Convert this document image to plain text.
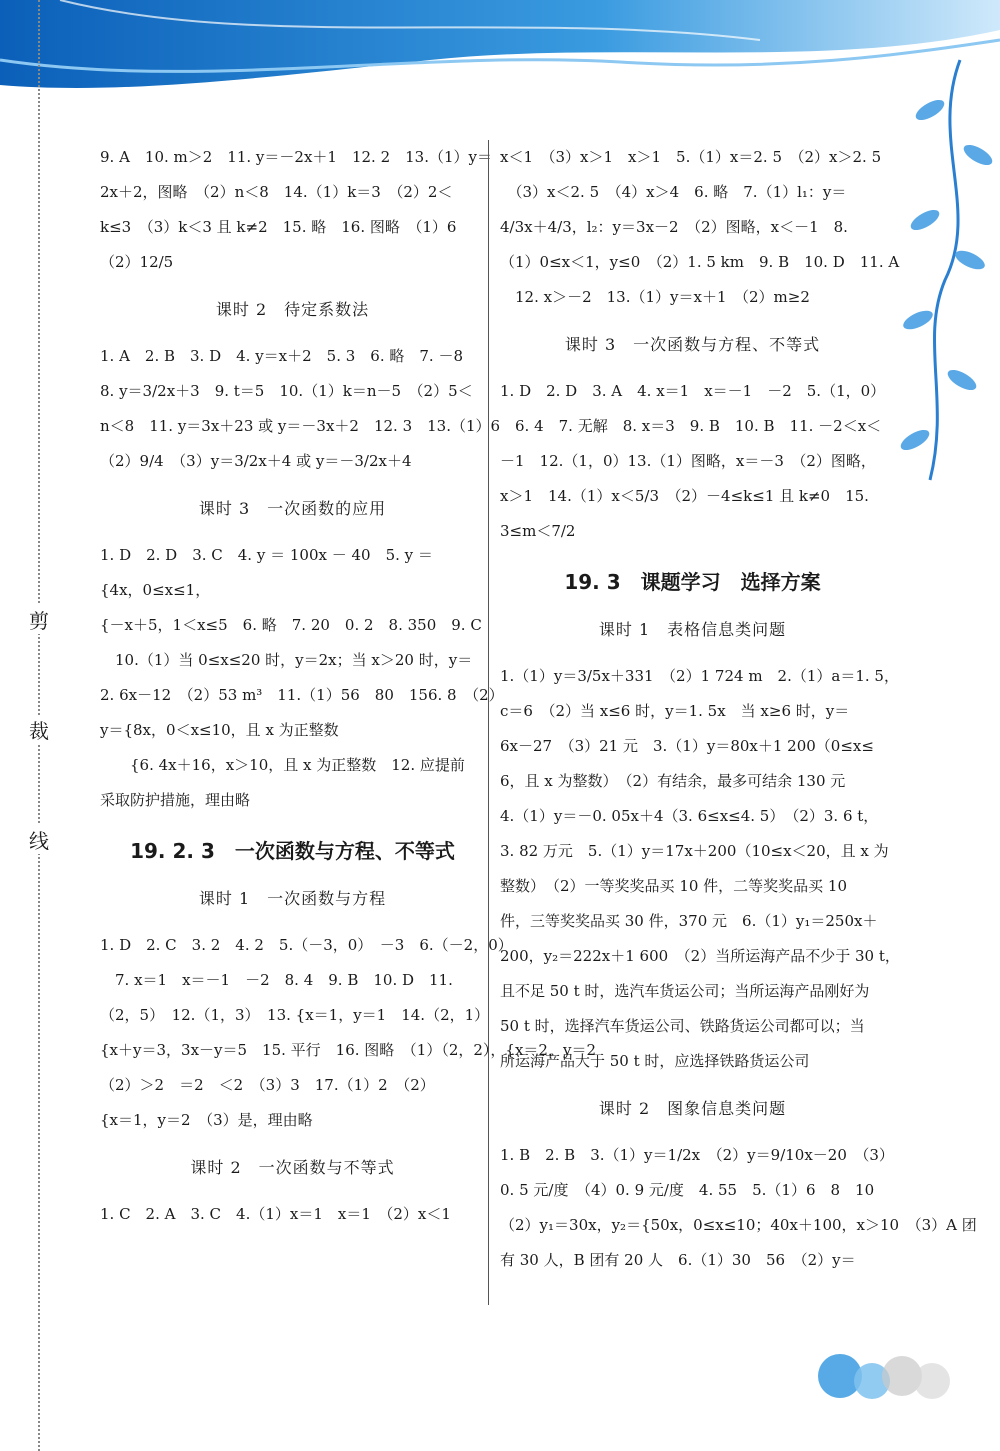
剪
裁
线
9. A　10. m＞2　11. y＝－2x＋1　12. 2　13.（1）y＝
2x＋2，图略　（2）n＜8　14.（1）k＝3　（2）2＜
k≤3　（3）k＜3 且 k≠2　15. 略　16. 图略　（1）6
（2）12/5
课时 2　待定系数法
1. A　2. B　3. D　4. y＝x＋2　5. 3　6. 略　7. －8
8. y＝3/2x＋3　9. t＝5　10.（1）k＝n－5　（2）5＜
n＜8　11. y＝3x＋23 或 y＝－3x＋2　12. 3　13.（1）6
（2）9/4　（3）y＝3/2x＋4 或 y＝－3/2x＋4
课时 3　一次函数的应用
1. D　2. D　3. C　4. y ＝ 100x － 40　5. y ＝
{4x，0≤x≤1，　　　　　　　　　
{－x＋5，1＜x≤5　6. 略　7. 20　0. 2　8. 350　9. C
　10.（1）当 0≤x≤20 时，y＝2x；当 x＞20 时，y＝
2. 6x－12　（2）53 m³　11.（1）56　80　156. 8　（2）
y＝{8x，0＜x≤10，且 x 为正整数
　　{6. 4x＋16，x＞10，且 x 为正整数　12. 应提前
采取防护措施，理由略
19. 2. 3　一次函数与方程、不等式
课时 1　一次函数与方程
1. D　2. C　3. 2　4. 2　5.（－3，0）　－3　6.（－2，0）
　7. x＝1　x＝－1　－2　8. 4　9. B　10. D　11.
（2，5）　12.（1，3）　13. {x＝1，y＝1　14.（2，1）
{x＋y＝3，3x－y＝5　15. 平行　16. 图略　（1）（2，2），{x＝2，y＝2
（2）＞2　＝2　＜2　（3）3　17.（1）2　（2）
{x＝1，y＝2　（3）是，理由略
课时 2　一次函数与不等式
1. C　2. A　3. C　4.（1）x＝1　x＝1　（2）x＜1
x＜1　（3）x＞1　x＞1　5.（1）x＝2. 5　（2）x＞2. 5
　（3）x＜2. 5　（4）x＞4　6. 略　7.（1）l₁：y＝
4/3x＋4/3，l₂：y＝3x－2　（2）图略，x＜－1　8.
（1）0≤x＜1，y≤0　（2）1. 5 km　9. B　10. D　11. A
　12. x＞－2　13.（1）y＝x＋1　（2）m≥2
课时 3　一次函数与方程、不等式
1. D　2. D　3. A　4. x＝1　x＝－1　－2　5.（1，0）
　6. 4　7. 无解　8. x＝3　9. B　10. B　11. －2＜x＜
－1　12.（1，0）13.（1）图略，x＝－3　（2）图略，
x＞1　14.（1）x＜5/3　（2）－4≤k≤1 且 k≠0　15.
3≤m＜7/2
19. 3　课题学习　选择方案
课时 1　表格信息类问题
1.（1）y＝3/5x＋331　（2）1 724 m　2.（1）a＝1. 5，
c＝6　（2）当 x≤6 时，y＝1. 5x　当 x≥6 时，y＝
6x－27　（3）21 元　3.（1）y＝80x＋1 200（0≤x≤
6，且 x 为整数）　（2）有结余，最多可结余 130 元
4.（1）y＝－0. 05x＋4（3. 6≤x≤4. 5）　（2）3. 6 t，
3. 82 万元　5.（1）y＝17x＋200（10≤x＜20，且 x 为
整数）　（2）一等奖奖品买 10 件，二等奖奖品买 10
件，三等奖奖品买 30 件，370 元　6.（1）y₁＝250x＋
200，y₂＝222x＋1 600　（2）当所运海产品不少于 30 t，
且不足 50 t 时，选汽车货运公司；当所运海产品刚好为
50 t 时，选择汽车货运公司、铁路货运公司都可以；当
所运海产品大于 50 t 时，应选择铁路货运公司
课时 2　图象信息类问题
1. B　2. B　3.（1）y＝1/2x　（2）y＝9/10x－20　（3）
0. 5 元/度　（4）0. 9 元/度　4. 55　5.（1）6　8　10
（2）y₁＝30x，y₂＝{50x，0≤x≤10；40x＋100，x＞10　（3）A 团
有 30 人，B 团有 20 人　6.（1）30　56　（2）y＝
